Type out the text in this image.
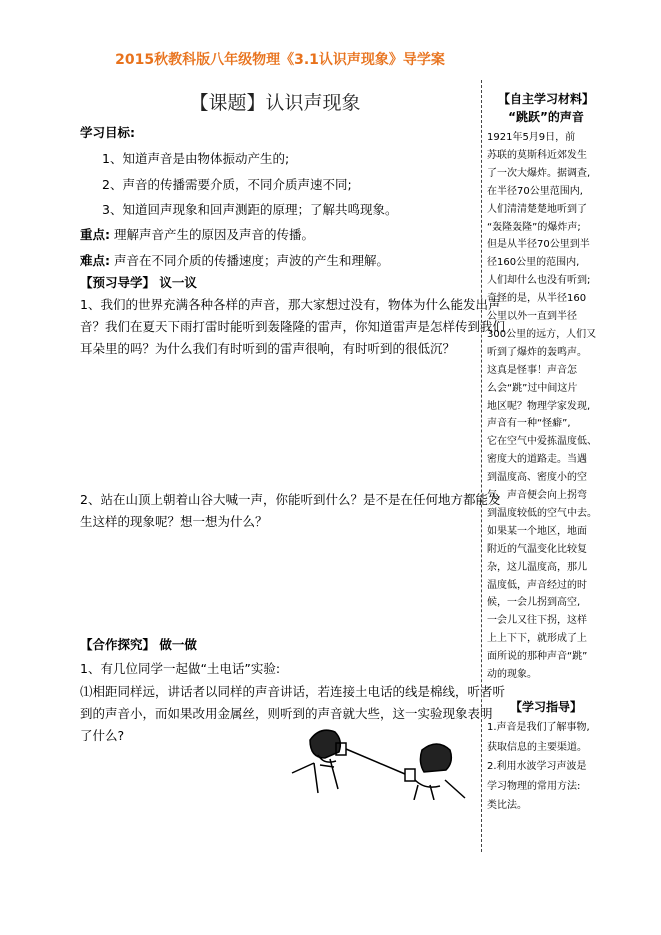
2015秋教科版八年级物理《3.1认识声现象》导学案
【课题】认识声现象
学习目标:
1、知道声音是由物体振动产生的;
2、声音的传播需要介质，不同介质声速不同;
3、知道回声现象和回声测距的原理；了解共鸣现象。
重点: 理解声音产生的原因及声音的传播。
难点: 声音在不同介质的传播速度；声波的产生和理解。
【预习导学】 议一议
1、我们的世界充满各种各样的声音，那大家想过没有，物体为什么能发出声
音？我们在夏天下雨打雷时能听到轰隆隆的雷声，你知道雷声是怎样传到我们
耳朵里的吗？为什么我们有时听到的雷声很响，有时听到的很低沉？
2、站在山顶上朝着山谷大喊一声，你能听到什么？是不是在任何地方都能发
生这样的现象呢？想一想为什么？
【合作探究】 做一做
1、有几位同学一起做“土电话”实验:
⑴相距同样远，讲话者以同样的声音讲话，若连接土电话的线是棉线，听者听
到的声音小，而如果改用金属丝，则听到的声音就大些，这一实验现象表明
了什么?
【自主学习材料】
“跳跃”的声音
1921年5月9日，前
苏联的莫斯科近郊发生
了一次大爆炸。据调查,
在半径70公里范围内,
人们清清楚楚地听到了
“轰隆轰隆”的爆炸声;
但是从半径70公里到半
径160公里的范围内,
人们却什么也没有听到;
奇怪的是，从半径160
公里以外一直到半径
300公里的远方，人们又
听到了爆炸的轰鸣声。
这真是怪事！声音怎
么会“跳”过中间这片
地区呢？物理学家发现,
声音有一种“怪癖”,
它在空气中爱拣温度低、
密度大的道路走。当遇
到温度高、密度小的空
气，声音便会向上拐弯
到温度较低的空气中去。
如果某一个地区，地面
附近的气温变化比较复
杂，这儿温度高，那儿
温度低，声音经过的时
候，一会儿拐到高空,
一会儿又往下拐，这样
上上下下，就形成了上
面所说的那种声音“跳”
动的现象。
【学习指导】
1.声音是我们了解事物,
获取信息的主要渠道。
2.利用水波学习声波是
学习物理的常用方法:
类比法。
